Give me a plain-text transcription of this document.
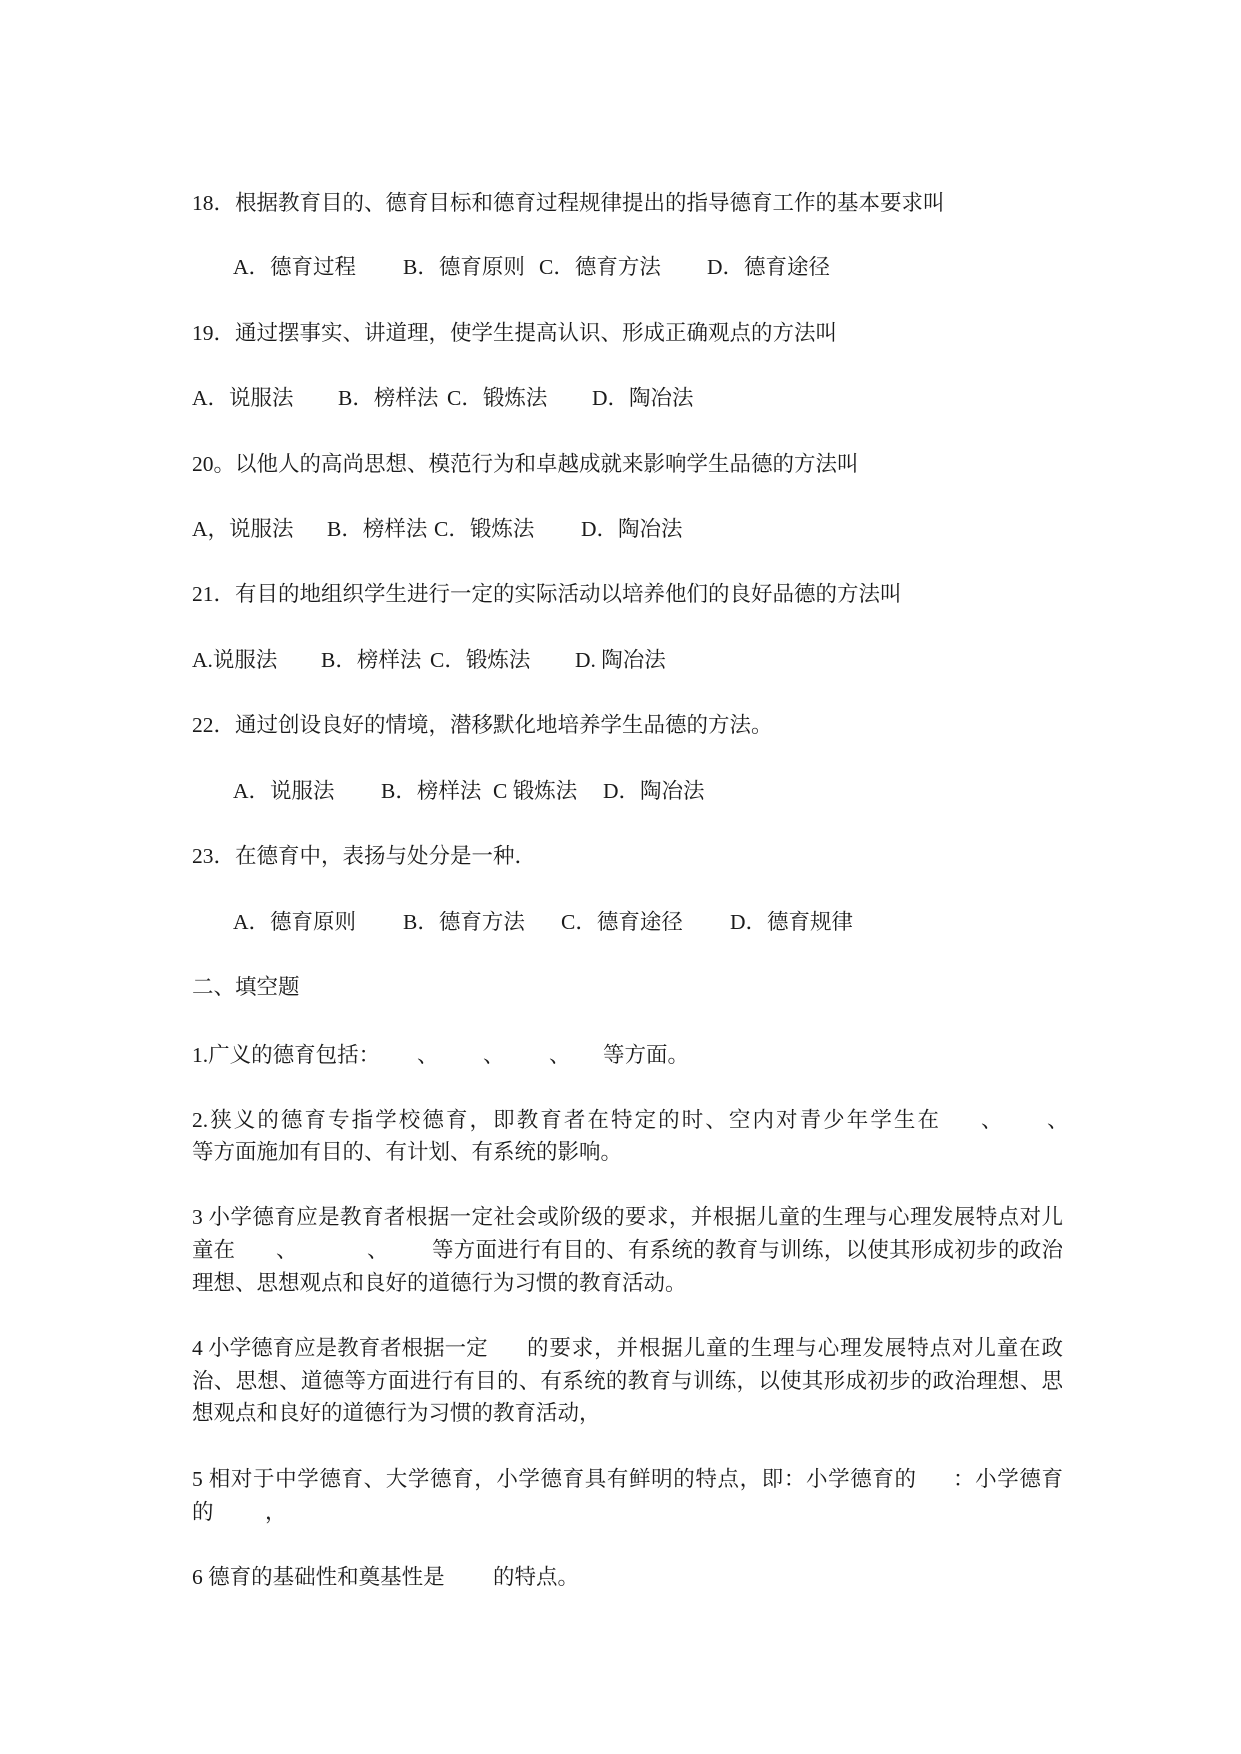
18．根据教育目的、德育目标和德育过程规律提出的指导德育工作的基本要求叫
A．德育过程 B．德育原则 C．德育方法 D．德育途径
19．通过摆事实、讲道理，使学生提高认识、形成正确观点的方法叫
A．说服法 B．榜样法 C．锻炼法 D．陶冶法
20。以他人的高尚思想、模范行为和卓越成就来影响学生品德的方法叫
A，说服法 B．榜样法 C．锻炼法 D．陶冶法
21．有目的地组织学生进行一定的实际活动以培养他们的良好品德的方法叫
A.说服法 B．榜样法 C．锻炼法 D. 陶冶法
22．通过创设良好的情境，潜移默化地培养学生品德的方法。
A．说服法 B．榜样法 C 锻炼法 D．陶冶法
23．在德育中，表扬与处分是一种．
A．德育原则 B．德育方法 C．德育途径 D．德育规律
二、填空题
1.广义的德育包括： 、 、 、 等方面。
2.狭义的德育专指学校德育，即教育者在特定的时、空内对青少年学生在 、 、
等方面施加有目的、有计划、有系统的影响。
3 小学德育应是教育者根据一定社会或阶级的要求，并根据儿童的生理与心理发展特点对儿
童在 、	、 等方面进行有目的、有系统的教育与训练，以使其形成初步的政治
理想、思想观点和良好的道德行为习惯的教育活动。
4 小学德育应是教育者根据一定 的要求，并根据儿童的生理与心理发展特点对儿童在政
治、思想、道德等方面进行有目的、有系统的教育与训练，以使其形成初步的政治理想、思
想观点和良好的道德行为习惯的教育活动，
5 相对于中学德育、大学德育，小学德育具有鲜明的特点，即：小学德育的 ：小学德育
的 ，
6 德育的基础性和奠基性是 的特点。
